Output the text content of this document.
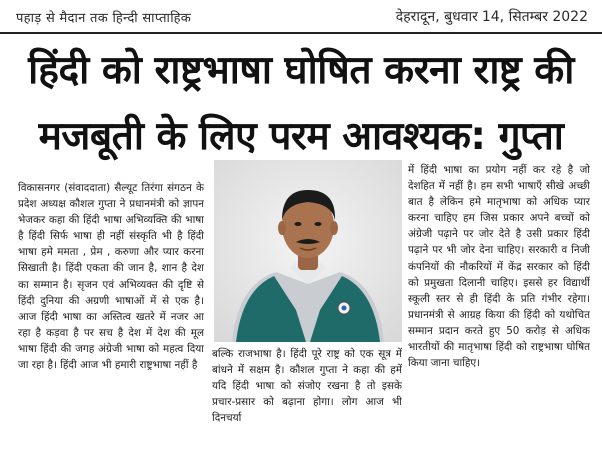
पहाड़ से मैदान तक हिन्दी साप्ताहिक	देहरादून, बुधवार 14, सितम्बर 2022
हिंदी को राष्ट्रभाषा घोषित करना राष्ट्र की
मजबूती के लिए परम आवश्यक: गुप्ता

विकासनगर (संवाददाता) सैल्यूट तिरंगा संगठन के प्रदेश अध्यक्ष कौशल गुप्ता ने प्रधानमंत्री को ज्ञापन भेजकर कहा की हिंदी भाषा अभिव्यक्ति की भाषा है हिंदी सिर्फ भाषा ही नहीं संस्कृति भी है हिंदी भाषा हमे ममता , प्रेम , करुणा और प्यार करना सिखाती है। हिंदी एकता की जान है, शान है देश का सम्मान है। सृजन एवं अभिव्यक्त की दृष्टि से हिंदी दुनिया की अग्रणी भाषाओं में से एक है। आज हिंदी भाषा का अस्तित्व खतरे में नजर आ रहा है कड़वा है पर सच है देश में देश की मूल भाषा हिंदी की जगह अंग्रेजी भाषा को महत्व दिया जा रहा है। हिंदी आज भी हमारी राष्ट्रभाषा नहीं है

बल्कि राजभाषा है। हिंदी पूरे राष्ट्र को एक सूत्र में बांधने में सक्षम है। कौशल गुप्ता ने कहा की हमें यदि हिंदी भाषा को संजोए रखना है तो इसके प्रचार-प्रसार को बढ़ाना होगा। लोग आज भी दिनचर्या

में हिंदी भाषा का प्रयोग नहीं कर रहे है जो देशहित में नहीं है। हम सभी भाषाएँ सीखे अच्छी बात है लेकिन हमे मातृभाषा को अधिक प्यार करना चाहिए हम जिस प्रकार अपने बच्चों को अंग्रेजी पढ़ाने पर जोर देते है उसी प्रकार हिंदी पढ़ाने पर भी जोर देना चाहिए। सरकारी व निजी कंपनियों की नौकरियों में केंद्र सरकार को हिंदी को प्रमुखता दिलानी चाहिए। इससे हर विद्यार्थी स्कूली स्तर से ही हिंदी के प्रति गंभीर रहेगा। प्रधानमंत्री से आग्रह किया की हिंदी को यथोचित सम्मान प्रदान करते हुए 50 करोड़ से अधिक भारतीयों की मातृभाषा हिंदी को राष्ट्रभाषा घोषित किया जाना चाहिए।
